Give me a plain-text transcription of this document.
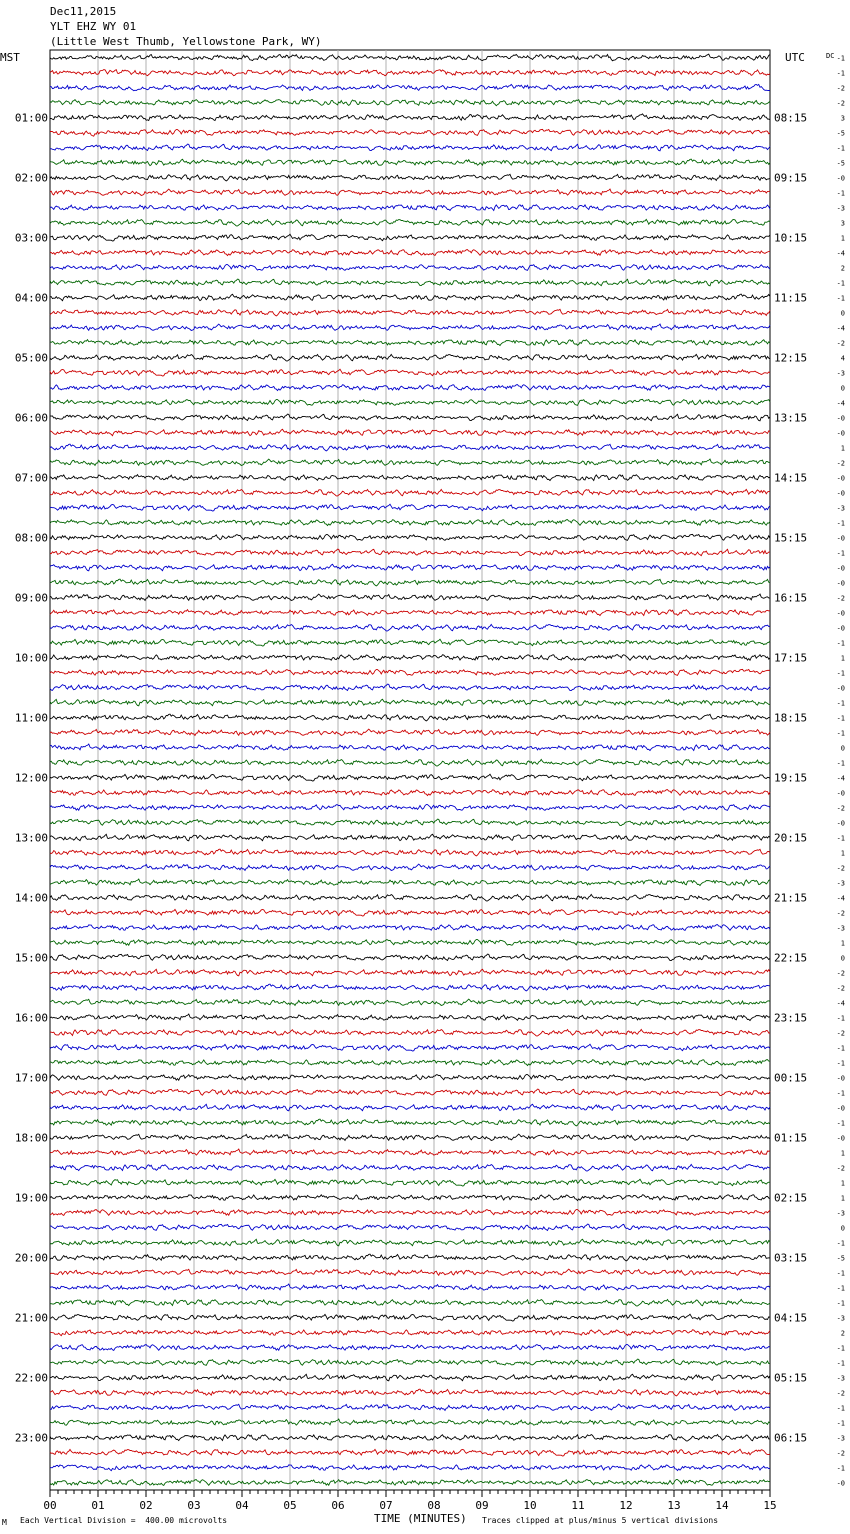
Dec11,2015
YLT EHZ WY 01
(Little West Thumb, Yellowstone Park, WY)
MST	UTC	DC
01:00
02:00
03:00
04:00
05:00
06:00
07:00
08:00
09:00
10:00
11:00
12:00
13:00
14:00
15:00
16:00
17:00
18:00
19:00
20:00
21:00
22:00
23:00
08:15
09:15
10:15
11:15
12:15
13:15
14:15
15:15
16:15
17:15
18:15
19:15
20:15
21:15
22:15
23:15
00:15
01:15
02:15
03:15
04:15
05:15
06:15
-1
-1
-2
-2
3
-5
-1
-5
-0
-1
-3
3
1
-4
2
-1
-1
0
-4
-2
4
-3
0
-4
-0
-0
1
-2
-0
-0
-3
-1
-0
-1
-0
-0
-2
-0
-0
-1
1
-1
-0
-1
-1
-1
0
-1
-4
-0
-2
-0
-1
1
-2
-3
-4
-2
-3
1
0
-2
-2
-4
-1
-2
-1
-1
-0
-1
-0
-1
-0
1
-2
1
1
-3
0
-1
-5
-1
-1
-1
-3
2
-1
-1
-3
-2
-1
-1
-3
-2
-1
-0
00	01	02	03	04	05	06	07	08	09	10	11	12	13	14	15
M Each Vertical Division =  400.00 microvolts	TIME (MINUTES) Traces clipped at plus/minus 5 vertical divisions
